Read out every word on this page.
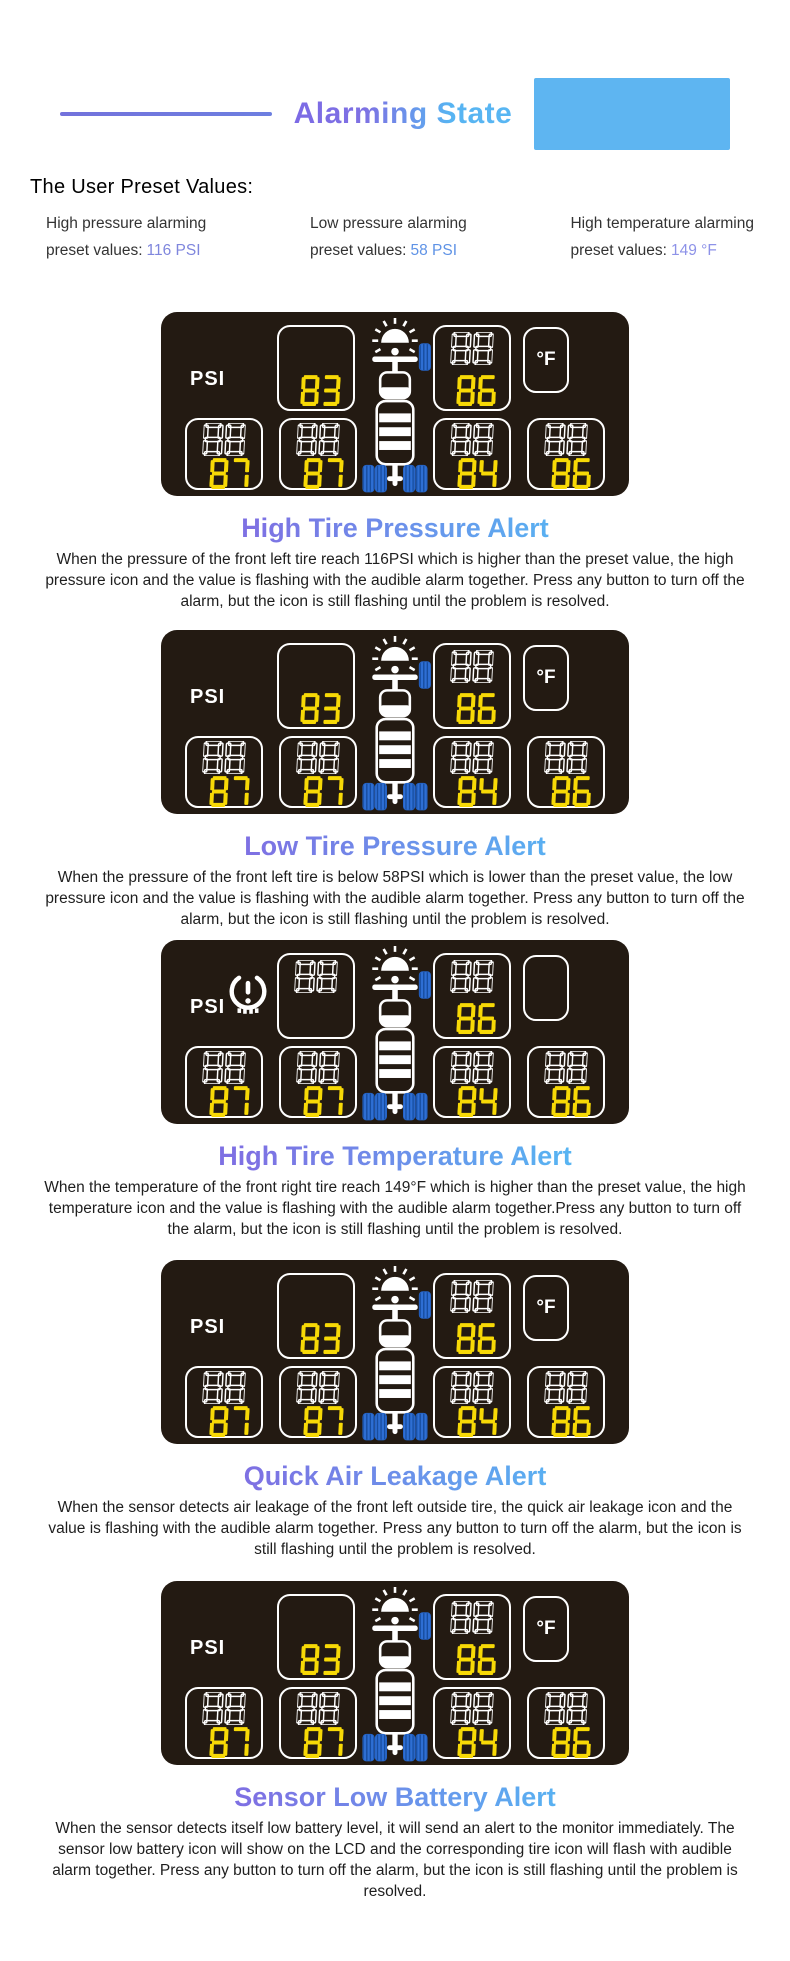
Alarming State
The User Preset Values:
High pressure alarming
preset values: 116 PSI
Low pressure alarming
preset values: 58 PSI
High temperature alarming
preset values: 149 °F
PSI
°F
High Tire Pressure Alert

When the pressure of the front left tire reach 116PSI which is higher than the preset value, the high pressure icon and the value is flashing with the audible alarm together. Press any button to turn off the alarm, but the icon is still flashing until the problem is resolved.

PSI
°F
Low Tire Pressure Alert

When the pressure of the front left tire is below 58PSI which is lower than the preset value, the low pressure icon and the value is flashing with the audible alarm together. Press any button to turn off the alarm, but the icon is still flashing until the problem is resolved.

PSI
High Tire Temperature Alert

When the temperature of the front right tire reach 149°F which is higher than the preset value, the high temperature icon and the value is flashing with the audible alarm together.Press any button to turn off the alarm, but the icon is still flashing until the problem is resolved.

PSI
°F
Quick Air Leakage Alert

When the sensor detects air leakage of the front left outside tire, the quick air leakage icon and the value is flashing with the audible alarm together. Press any button to turn off the alarm, but the icon is still flashing until the problem is resolved.

PSI
°F
Sensor Low Battery Alert

When the sensor detects itself low battery level, it will send an alert to the monitor immediately. The sensor low battery icon will show on the LCD and the corresponding tire icon will flash with audible alarm together. Press any button to turn off the alarm, but the icon is still flashing until the problem is resolved.
